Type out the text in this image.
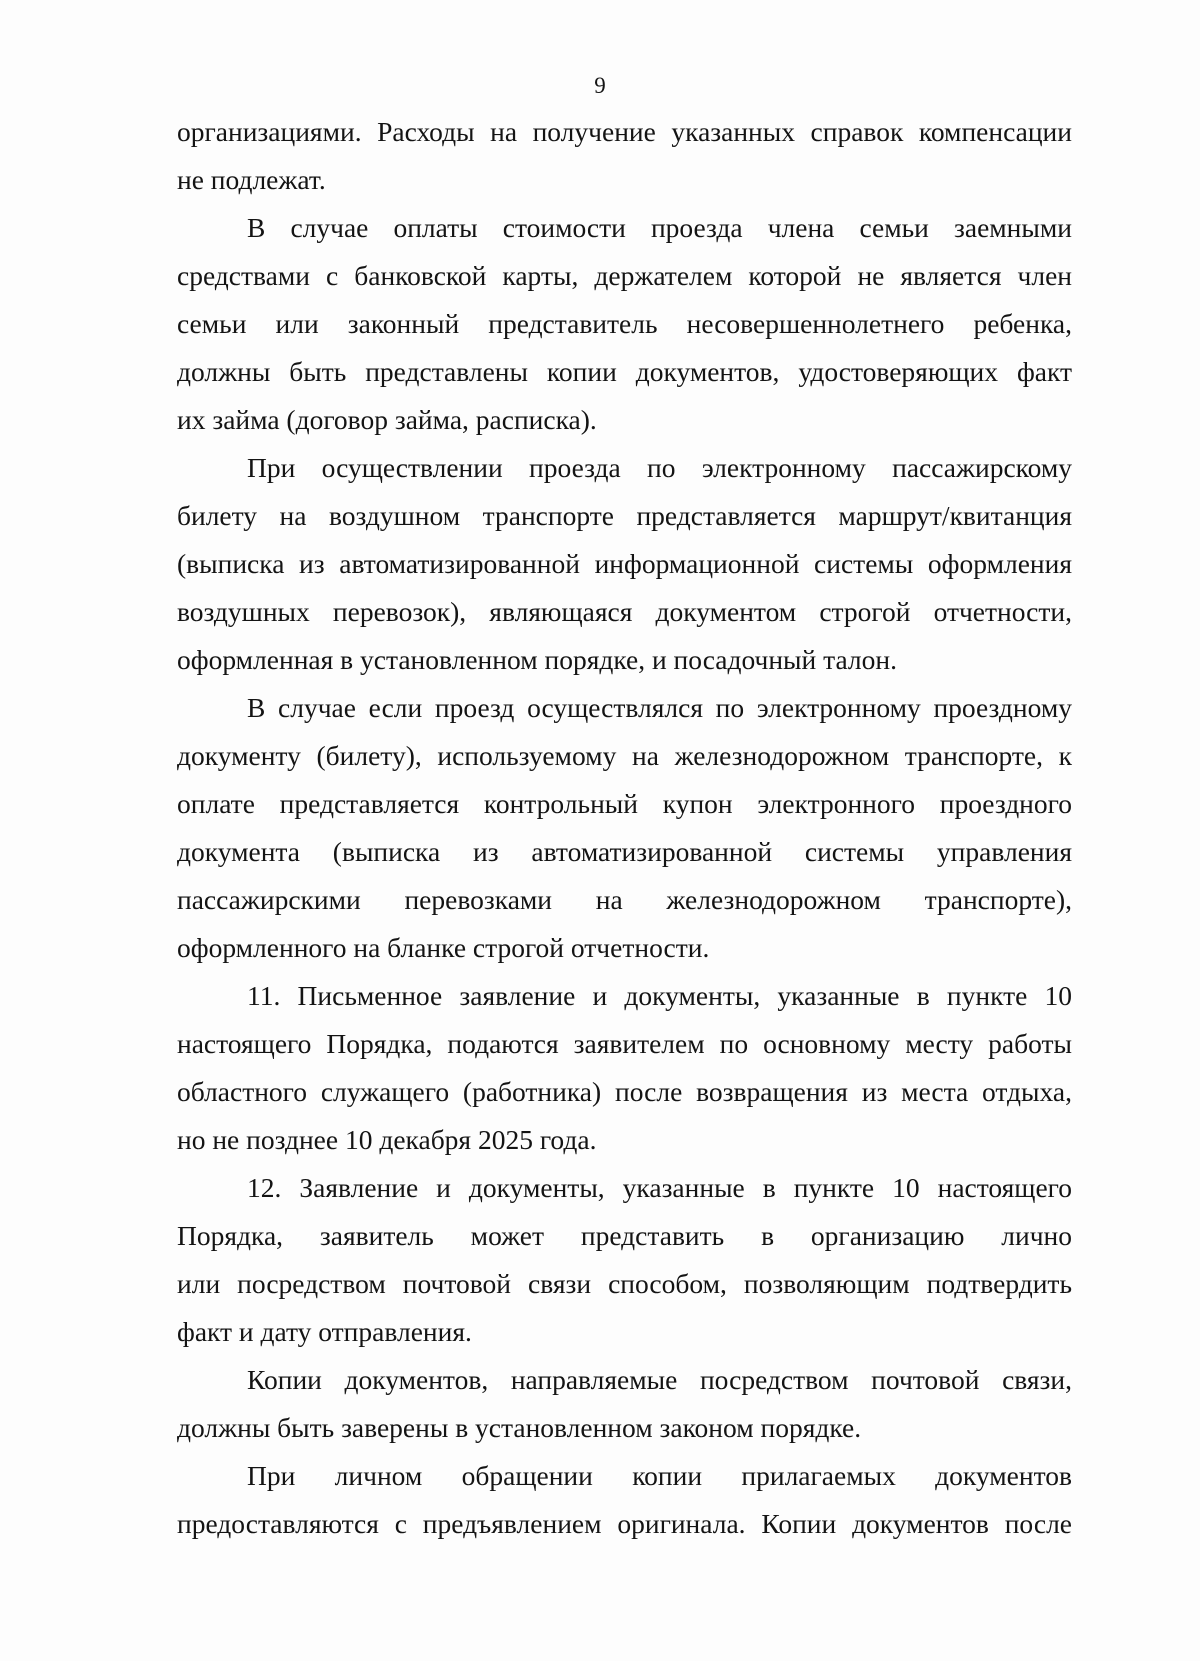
9
организациями. Расходы на получение указанных справок компенсации
не подлежат.
В случае оплаты стоимости проезда члена семьи заемными
средствами с банковской карты, держателем которой не является член
семьи или законный представитель несовершеннолетнего ребенка,
должны быть представлены копии документов, удостоверяющих факт
их займа (договор займа, расписка).
При осуществлении проезда по электронному пассажирскому
билету на воздушном транспорте представляется маршрут/квитанция
(выписка из автоматизированной информационной системы оформления
воздушных перевозок), являющаяся документом строгой отчетности,
оформленная в установленном порядке, и посадочный талон.
В случае если проезд осуществлялся по электронному проездному
документу (билету), используемому на железнодорожном транспорте, к
оплате представляется контрольный купон электронного проездного
документа (выписка из автоматизированной системы управления
пассажирскими перевозками на железнодорожном транспорте),
оформленного на бланке строгой отчетности.
11. Письменное заявление и документы, указанные в пункте 10
настоящего Порядка, подаются заявителем по основному месту работы
областного служащего (работника) после возвращения из места отдыха,
но не позднее 10 декабря 2025 года.
12. Заявление и документы, указанные в пункте 10 настоящего
Порядка, заявитель может представить в организацию лично
или посредством почтовой связи способом, позволяющим подтвердить
факт и дату отправления.
Копии документов, направляемые посредством почтовой связи,
должны быть заверены в установленном законом порядке.
При личном обращении копии прилагаемых документов
предоставляются с предъявлением оригинала. Копии документов после
